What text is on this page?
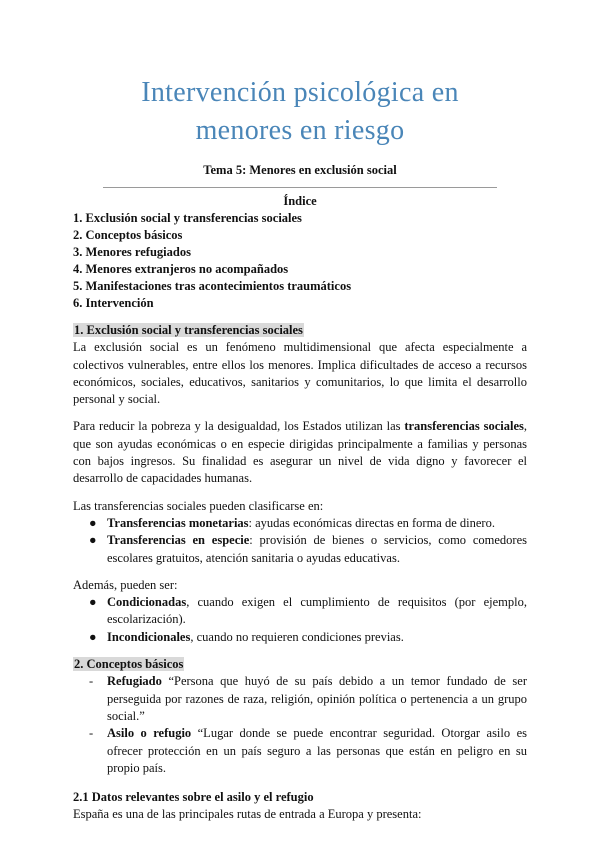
Intervención psicológica en
menores en riesgo
Tema 5: Menores en exclusión social
Índice
1. Exclusión social y transferencias sociales
2. Conceptos básicos
3. Menores refugiados
4. Menores extranjeros no acompañados
5. Manifestaciones tras acontecimientos traumáticos
6. Intervención
1. Exclusión social y transferencias sociales

La exclusión social es un fenómeno multidimensional que afecta especialmente a colectivos vulnerables, entre ellos los menores. Implica dificultades de acceso a recursos económicos, sociales, educativos, sanitarios y comunitarios, lo que limita el desarrollo personal y social.

Para reducir la pobreza y la desigualdad, los Estados utilizan las transferencias sociales, que son ayudas económicas o en especie dirigidas principalmente a familias y personas con bajos ingresos. Su finalidad es asegurar un nivel de vida digno y favorecer el desarrollo de capacidades humanas.

Las transferencias sociales pueden clasificarse en:

● Transferencias monetarias: ayudas económicas directas en forma de dinero.
● Transferencias en especie: provisión de bienes o servicios, como comedores escolares gratuitos, atención sanitaria o ayudas educativas.

Además, pueden ser:

● Condicionadas, cuando exigen el cumplimiento de requisitos (por ejemplo, escolarización).
● Incondicionales, cuando no requieren condiciones previas.
2. Conceptos básicos
- Refugiado “Persona que huyó de su país debido a un temor fundado de ser perseguida por razones de raza, religión, opinión política o pertenencia a un grupo social.”
- Asilo o refugio “Lugar donde se puede encontrar seguridad. Otorgar asilo es ofrecer protección en un país seguro a las personas que están en peligro en su propio país.
2.1 Datos relevantes sobre el asilo y el refugio

España es una de las principales rutas de entrada a Europa y presenta:
